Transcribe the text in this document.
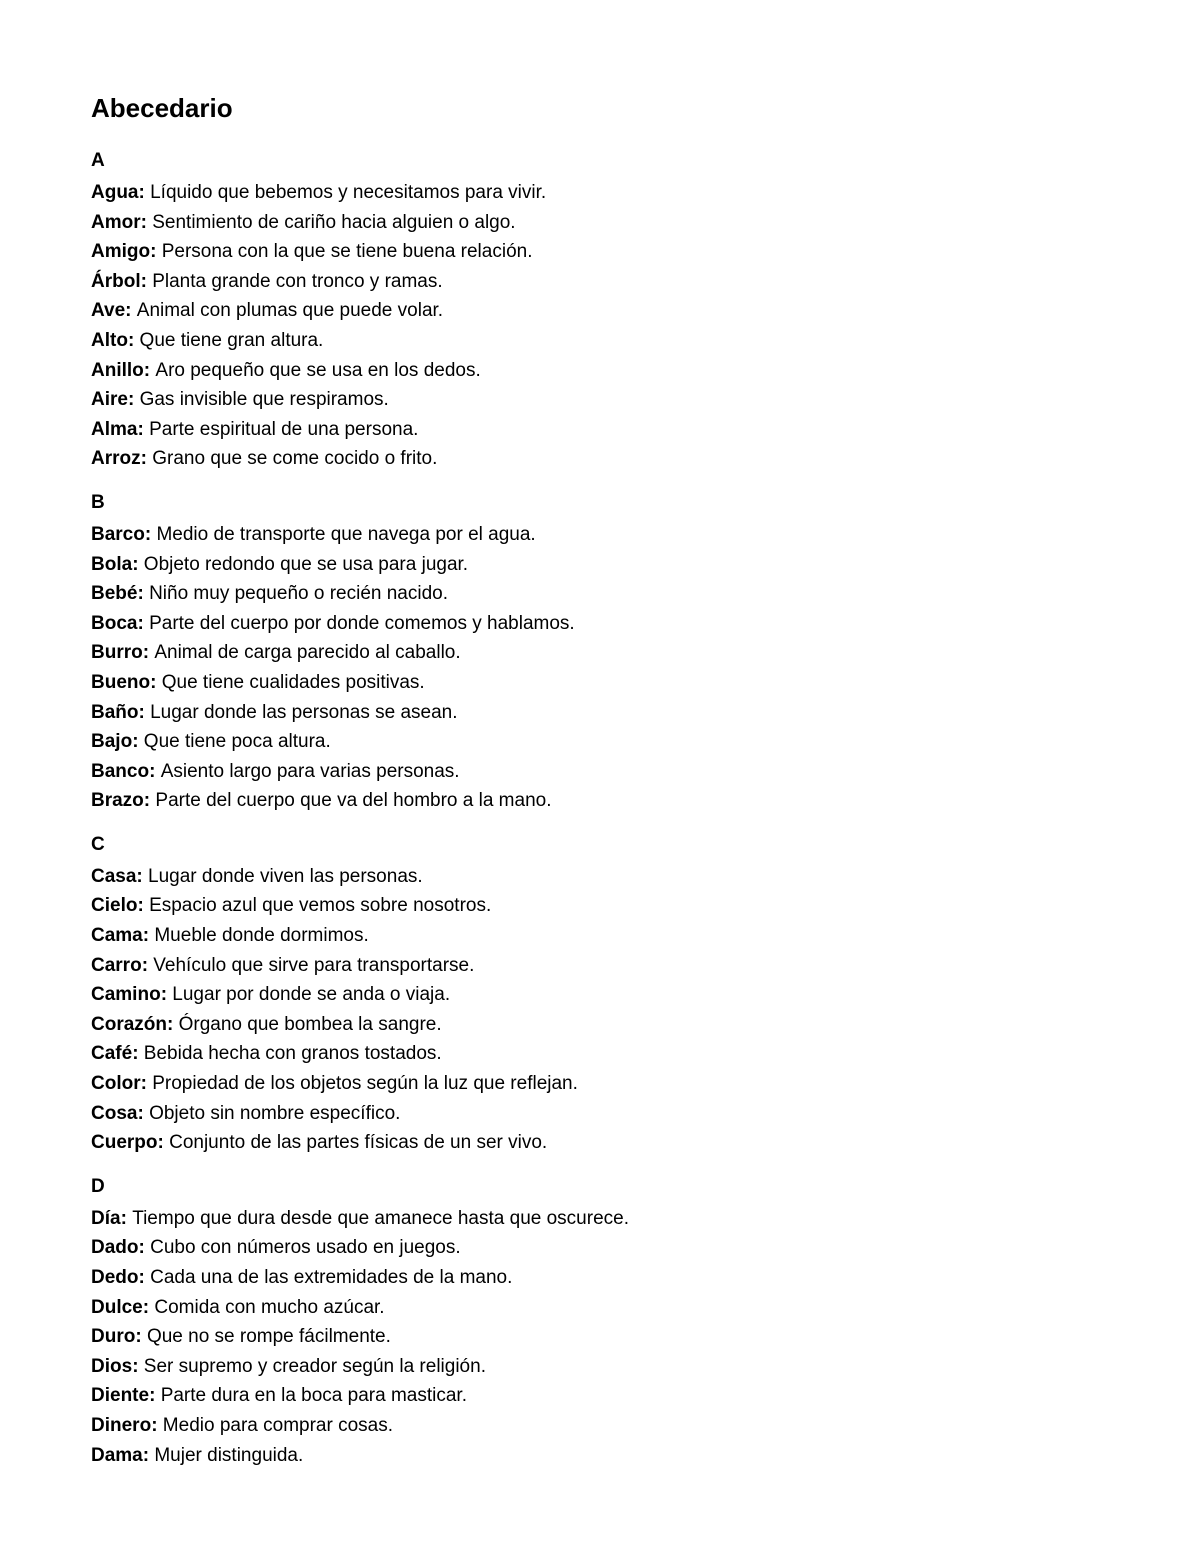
Abecedario
A
Agua: Líquido que bebemos y necesitamos para vivir.
Amor: Sentimiento de cariño hacia alguien o algo.
Amigo: Persona con la que se tiene buena relación.
Árbol: Planta grande con tronco y ramas.
Ave: Animal con plumas que puede volar.
Alto: Que tiene gran altura.
Anillo: Aro pequeño que se usa en los dedos.
Aire: Gas invisible que respiramos.
Alma: Parte espiritual de una persona.
Arroz: Grano que se come cocido o frito.
B
Barco: Medio de transporte que navega por el agua.
Bola: Objeto redondo que se usa para jugar.
Bebé: Niño muy pequeño o recién nacido.
Boca: Parte del cuerpo por donde comemos y hablamos.
Burro: Animal de carga parecido al caballo.
Bueno: Que tiene cualidades positivas.
Baño: Lugar donde las personas se asean.
Bajo: Que tiene poca altura.
Banco: Asiento largo para varias personas.
Brazo: Parte del cuerpo que va del hombro a la mano.
C
Casa: Lugar donde viven las personas.
Cielo: Espacio azul que vemos sobre nosotros.
Cama: Mueble donde dormimos.
Carro: Vehículo que sirve para transportarse.
Camino: Lugar por donde se anda o viaja.
Corazón: Órgano que bombea la sangre.
Café: Bebida hecha con granos tostados.
Color: Propiedad de los objetos según la luz que reflejan.
Cosa: Objeto sin nombre específico.
Cuerpo: Conjunto de las partes físicas de un ser vivo.
D
Día: Tiempo que dura desde que amanece hasta que oscurece.
Dado: Cubo con números usado en juegos.
Dedo: Cada una de las extremidades de la mano.
Dulce: Comida con mucho azúcar.
Duro: Que no se rompe fácilmente.
Dios: Ser supremo y creador según la religión.
Diente: Parte dura en la boca para masticar.
Dinero: Medio para comprar cosas.
Dama: Mujer distinguida.
